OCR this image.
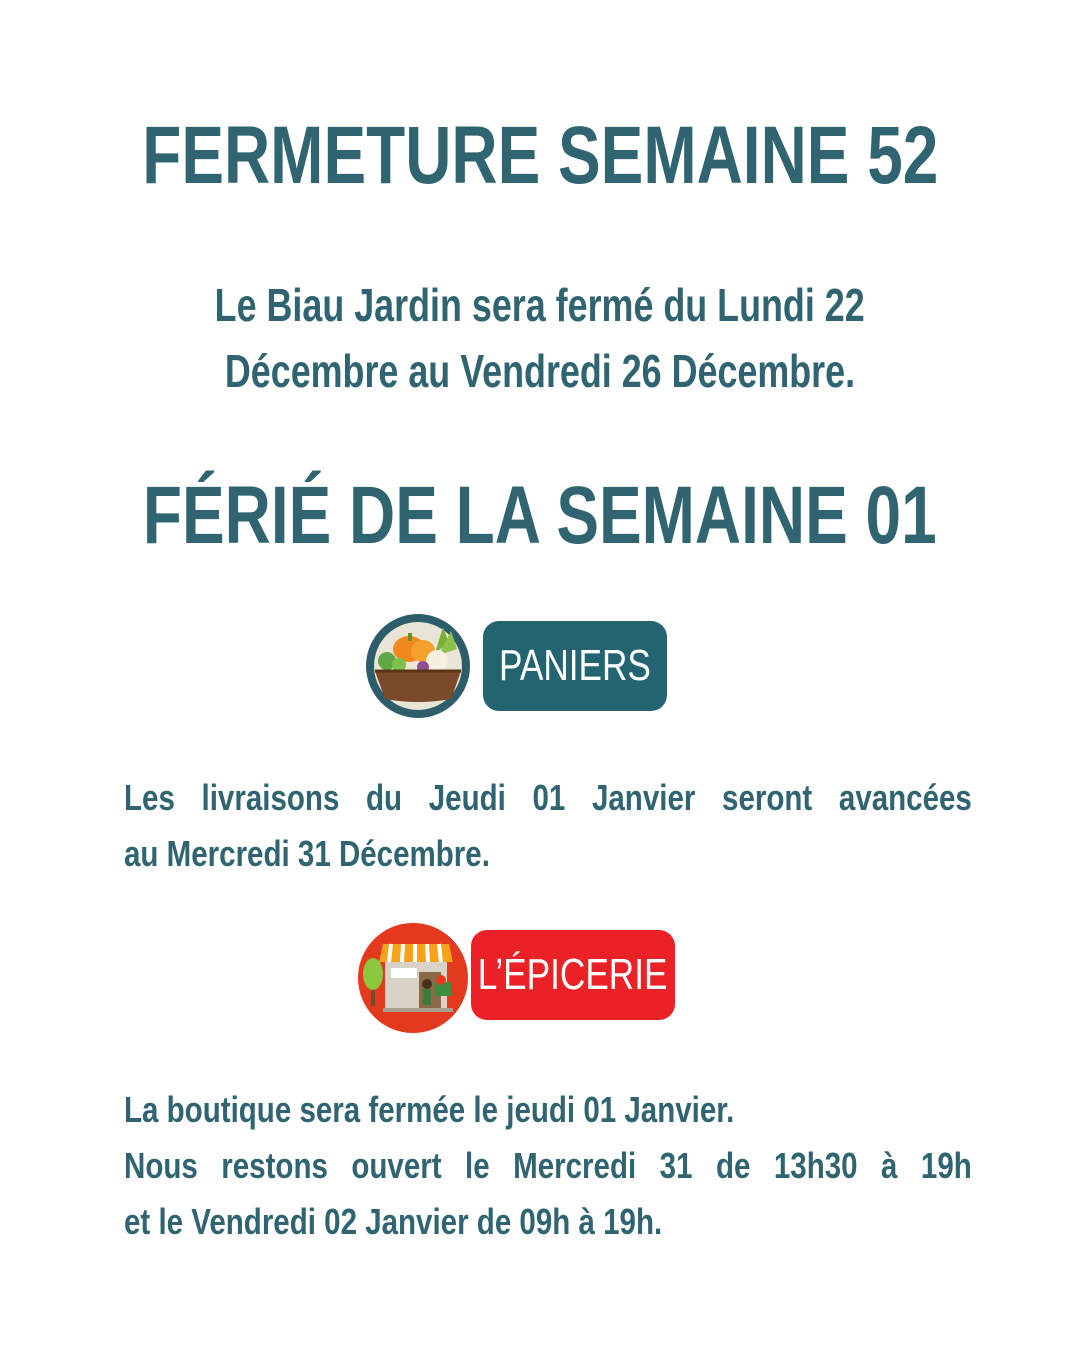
FERMETURE SEMAINE 52
Le Biau Jardin sera fermé du Lundi 22
Décembre au Vendredi 26 Décembre.
FÉRIÉ DE LA SEMAINE 01
PANIERS
Les livraisons du Jeudi 01 Janvier seront avancées
au Mercredi 31 Décembre.
L’ÉPICERIE
La boutique sera fermée le jeudi 01 Janvier.
Nous restons ouvert le Mercredi 31 de 13h30 à 19h
et le Vendredi 02 Janvier de 09h à 19h.
